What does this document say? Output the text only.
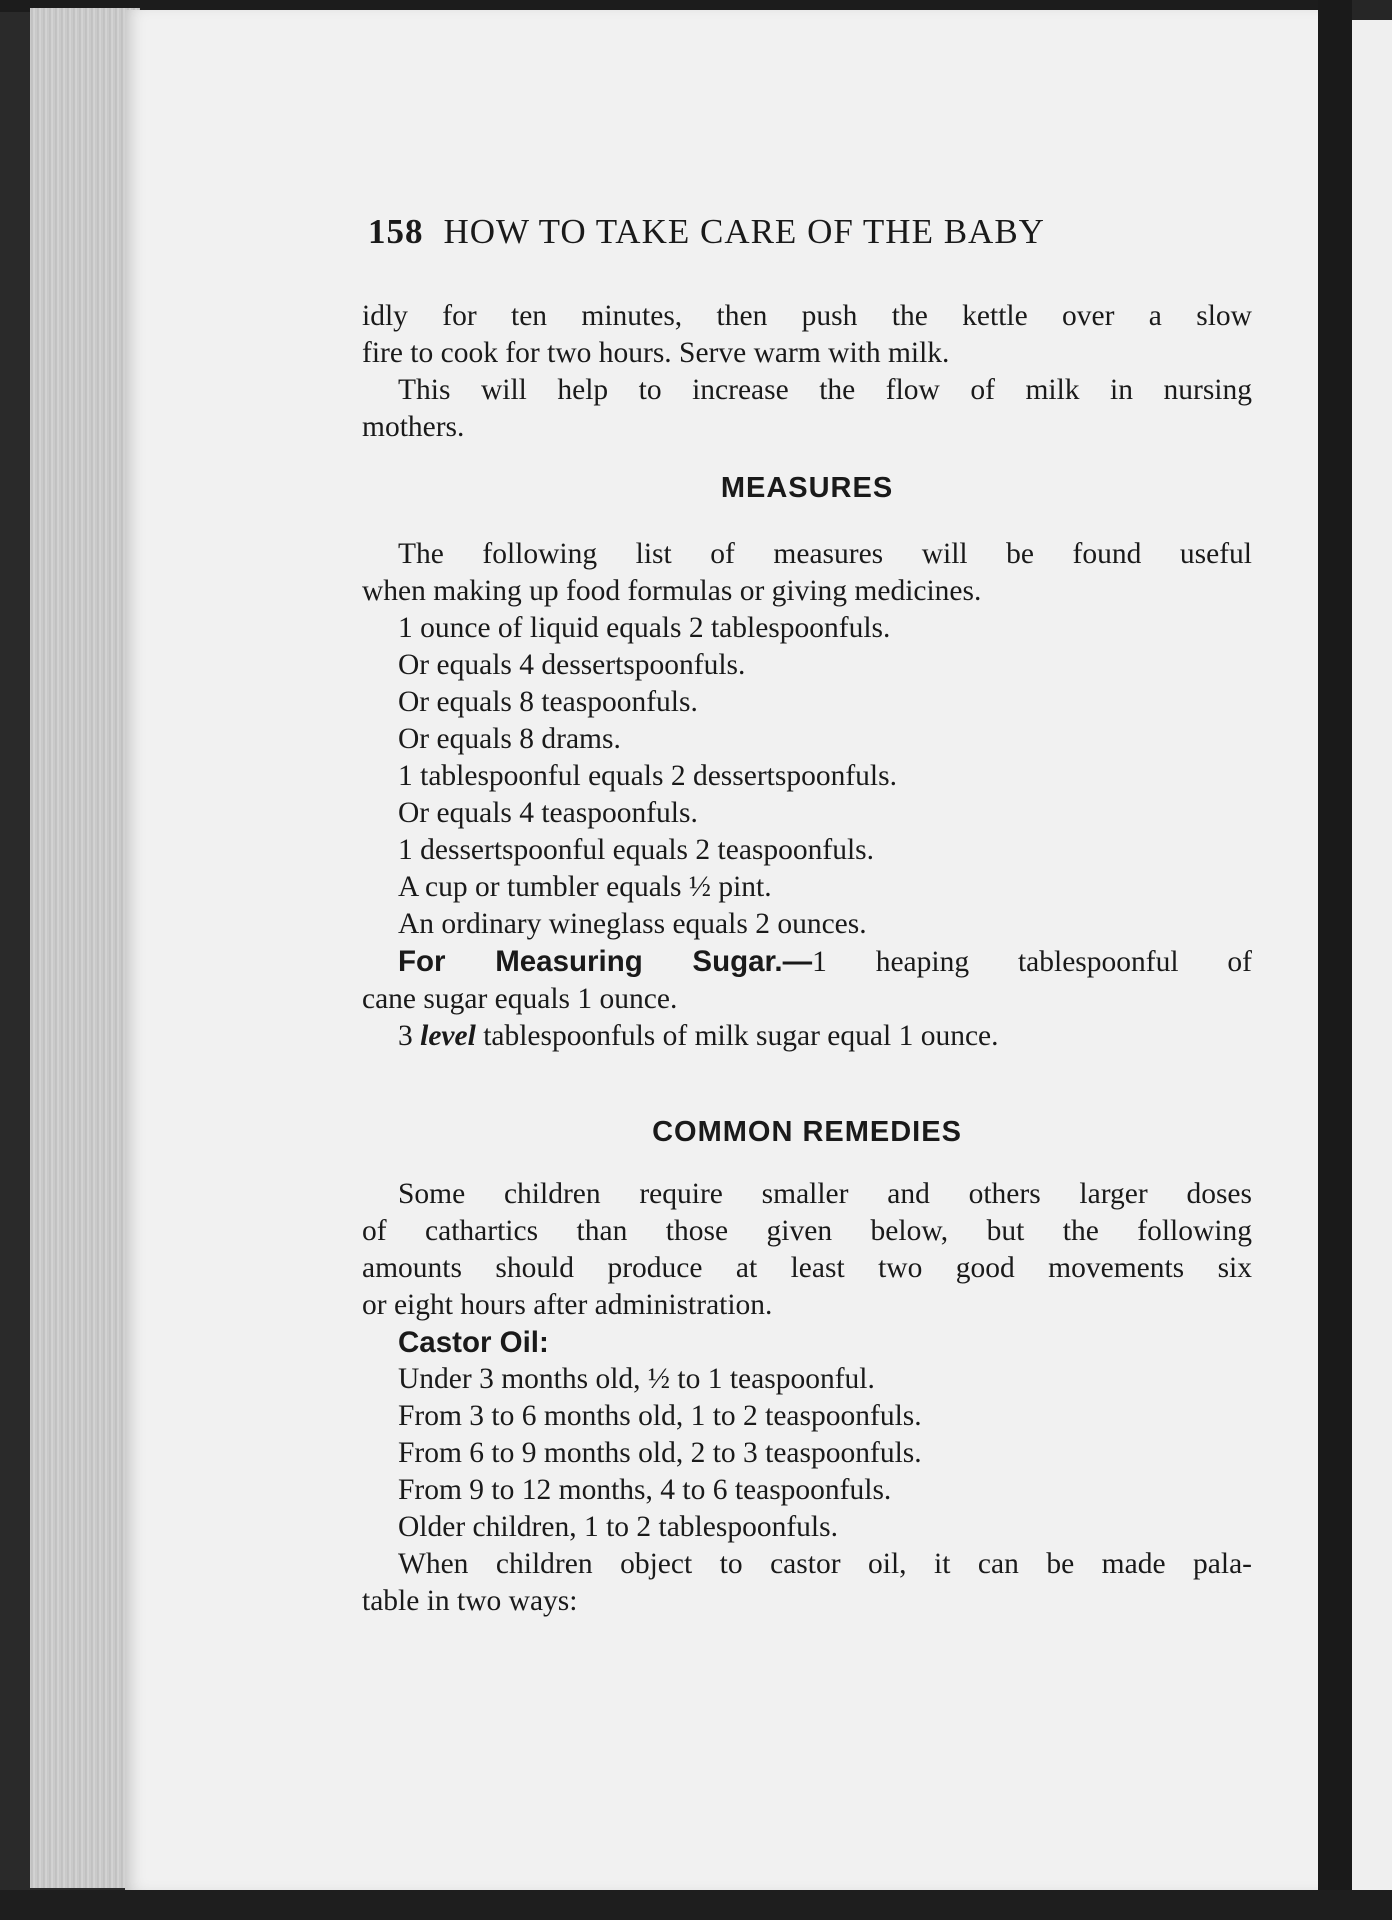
158 HOW TO TAKE CARE OF THE BABY
idly for ten minutes, then push the kettle over a slow
fire to cook for two hours. Serve warm with milk.
This will help to increase the flow of milk in nursing
mothers.
MEASURES
The following list of measures will be found useful
when making up food formulas or giving medicines.
1 ounce of liquid equals 2 tablespoonfuls.
Or equals 4 dessertspoonfuls.
Or equals 8 teaspoonfuls.
Or equals 8 drams.
1 tablespoonful equals 2 dessertspoonfuls.
Or equals 4 teaspoonfuls.
1 dessertspoonful equals 2 teaspoonfuls.
A cup or tumbler equals ½ pint.
An ordinary wineglass equals 2 ounces.
For Measuring Sugar.—1 heaping tablespoonful of
cane sugar equals 1 ounce.
3 level tablespoonfuls of milk sugar equal 1 ounce.
COMMON REMEDIES
Some children require smaller and others larger doses
of cathartics than those given below, but the following
amounts should produce at least two good movements six
or eight hours after administration.
Castor Oil:
Under 3 months old, ½ to 1 teaspoonful.
From 3 to 6 months old, 1 to 2 teaspoonfuls.
From 6 to 9 months old, 2 to 3 teaspoonfuls.
From 9 to 12 months, 4 to 6 teaspoonfuls.
Older children, 1 to 2 tablespoonfuls.
When children object to castor oil, it can be made pala-
table in two ways:
